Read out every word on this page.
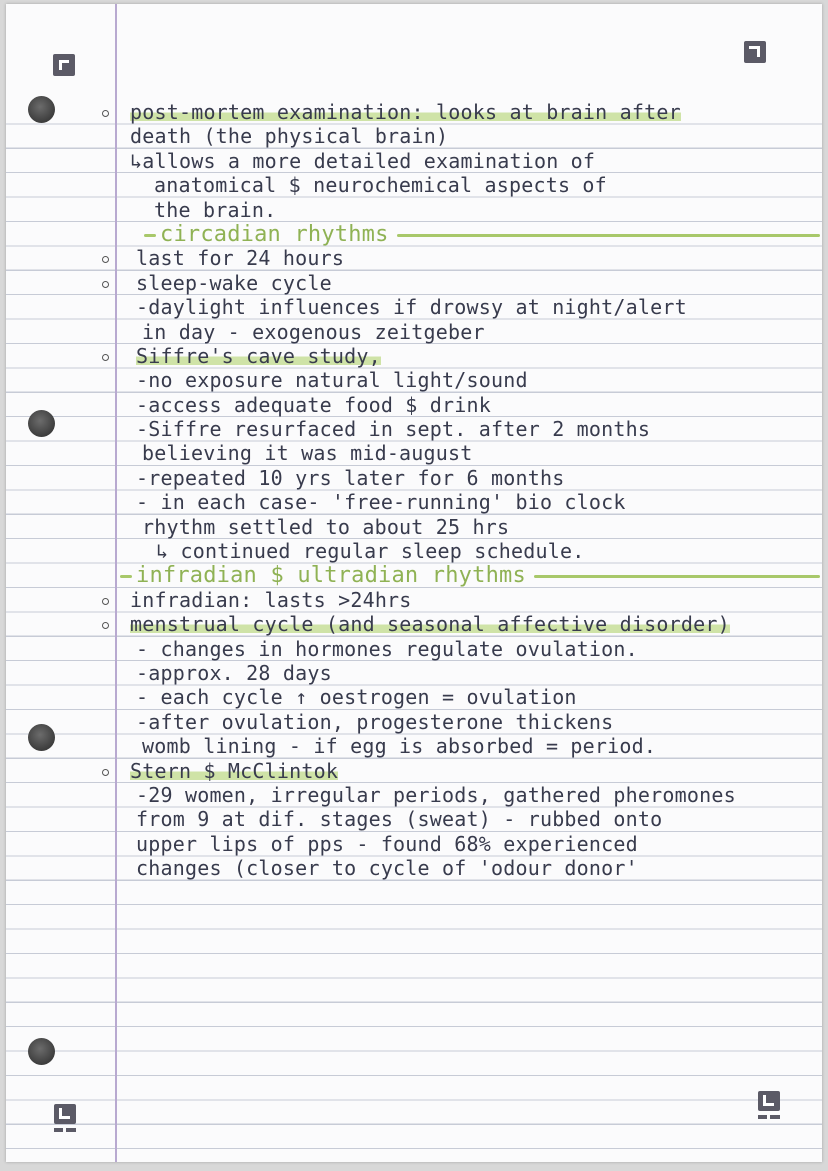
post-mortem examination: looks at brain after
death (the physical brain)
↳allows a more detailed examination of
anatomical $ neurochemical aspects of
the brain.
circadian rhythms
last for 24 hours
sleep-wake cycle
-daylight influences if drowsy at night/alert
in day - exogenous zeitgeber
Siffre's cave study,
-no exposure natural light/sound
-access adequate food $ drink
-Siffre resurfaced in sept. after 2 months
believing it was mid-august
-repeated 10 yrs later for 6 months
- in each case- 'free-running' bio clock
rhythm settled to about 25 hrs
↳ continued regular sleep schedule.
infradian $ ultradian rhythms
infradian: lasts >24hrs
menstrual cycle (and seasonal affective disorder)
- changes in hormones regulate ovulation.
-approx. 28 days
- each cycle ↑ oestrogen = ovulation
-after ovulation, progesterone thickens
womb lining - if egg is absorbed = period.
Stern $ McClintok
-29 women, irregular periods, gathered pheromones
from 9 at dif. stages (sweat) - rubbed onto
upper lips of pps - found 68% experienced
changes (closer to cycle of 'odour donor'
